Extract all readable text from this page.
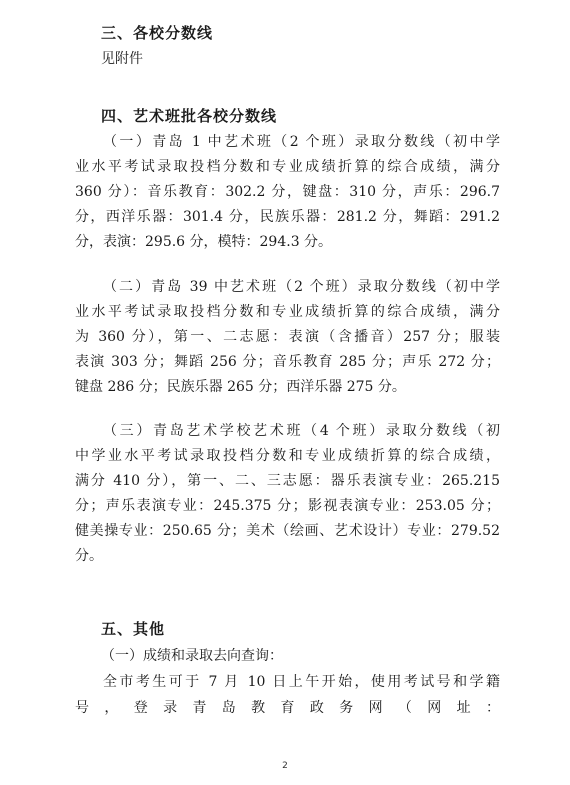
三、各校分数线
见附件
四、艺术班批各校分数线
（一）青岛 1 中艺术班（2 个班）录取分数线（初中学
业水平考试录取投档分数和专业成绩折算的综合成绩，满分
360 分）：音乐教育：302.2 分，键盘：310 分，声乐：296.7
分，西洋乐器：301.4 分，民族乐器：281.2 分，舞蹈：291.2
分，表演：295.6 分，模特：294.3 分。
（二）青岛 39 中艺术班（2 个班）录取分数线（初中学
业水平考试录取投档分数和专业成绩折算的综合成绩，满分
为 360 分），第一、二志愿：表演（含播音）257 分；服装
表演 303 分；舞蹈 256 分；音乐教育 285 分；声乐 272 分；
键盘 286 分；民族乐器 265 分；西洋乐器 275 分。
（三）青岛艺术学校艺术班（4 个班）录取分数线（初
中学业水平考试录取投档分数和专业成绩折算的综合成绩，
满分 410 分），第一、二、三志愿：器乐表演专业：265.215
分；声乐表演专业：245.375 分；影视表演专业：253.05 分；
健美操专业：250.65 分；美术（绘画、艺术设计）专业：279.52
分。
五、其他
（一）成绩和录取去向查询：
全市考生可于 7 月 10 日上午开始，使用考试号和学籍
号 ， 登 录 青 岛 教 育 政 务 网 （ 网 址 ：
2
